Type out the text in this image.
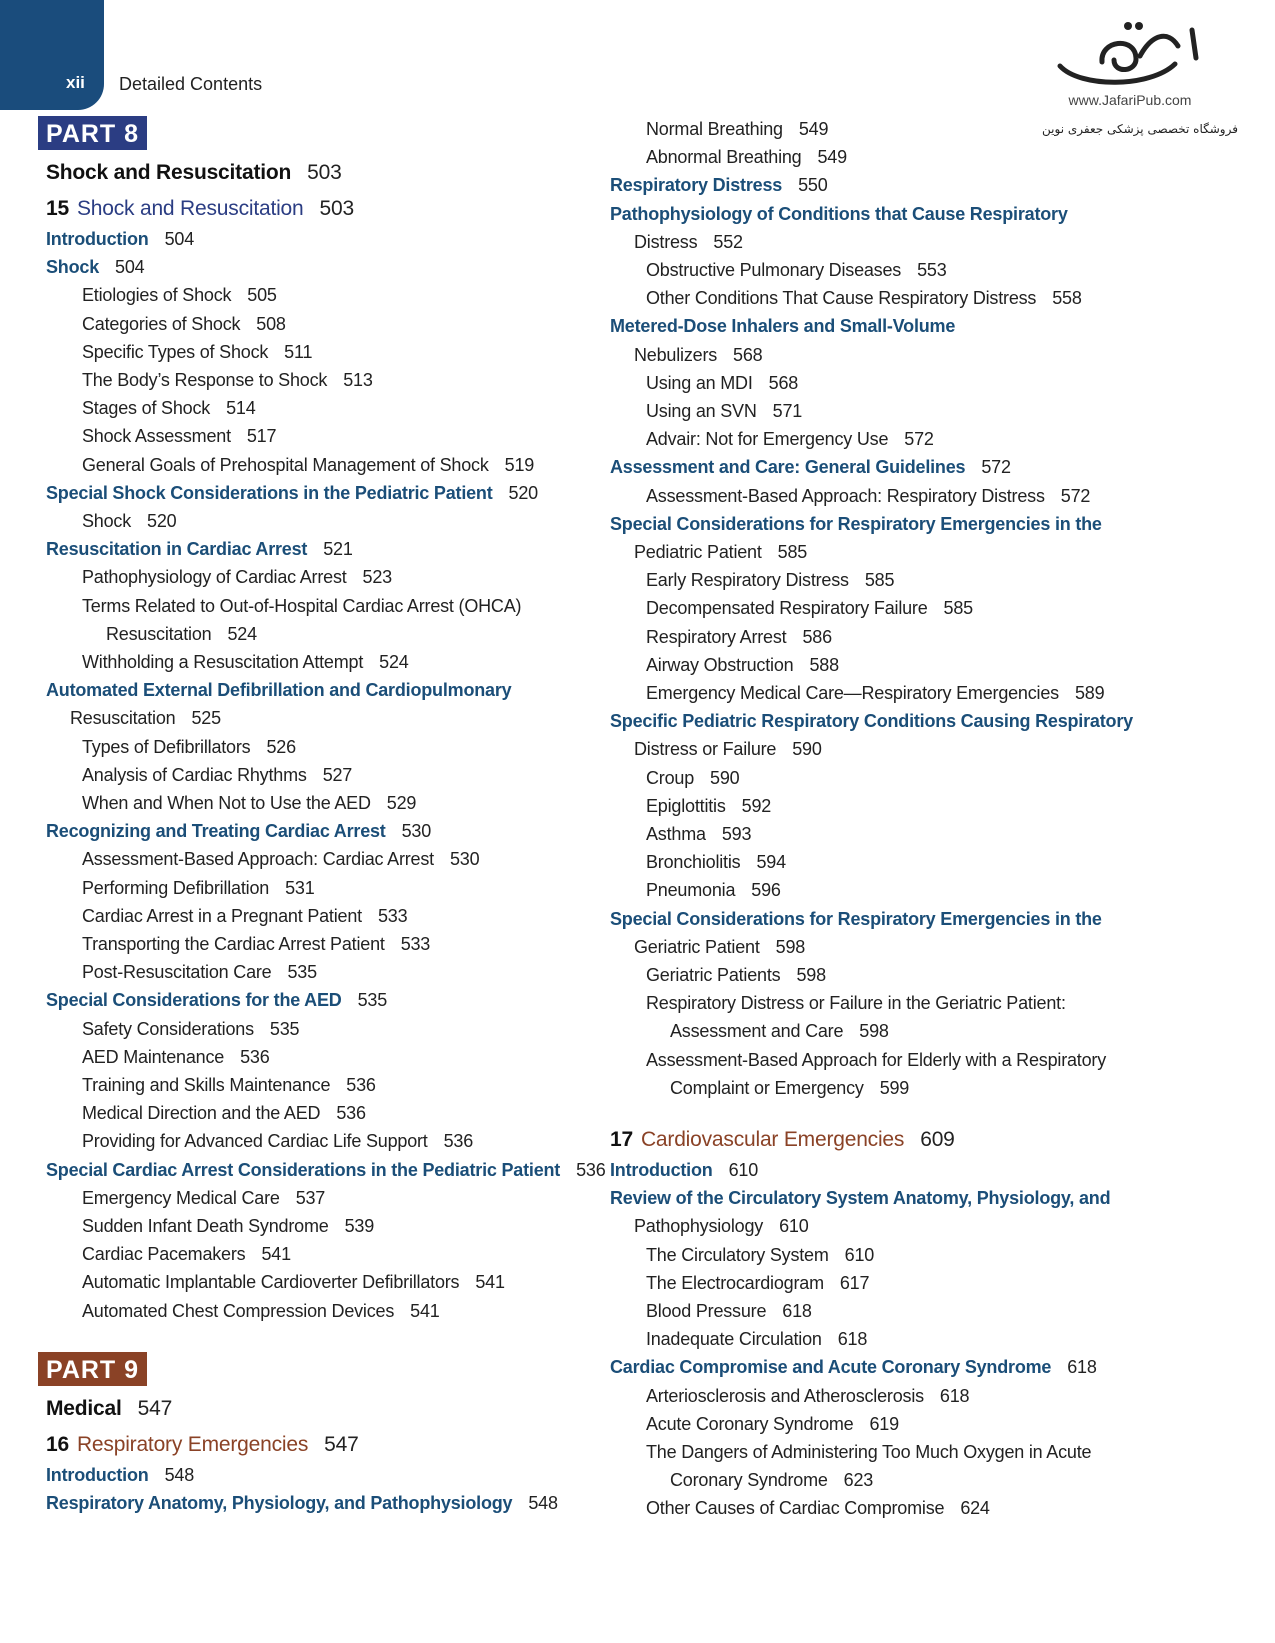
xii Detailed Contents
www.JafariPub.com
فروشگاه تخصصی پزشکی جعفری نوین
PART 8
Shock and Resuscitation 503
15 Shock and Resuscitation 503
Introduction 504
Shock 504
Etiologies of Shock 505
Categories of Shock 508
Specific Types of Shock 511
The Body’s Response to Shock 513
Stages of Shock 514
Shock Assessment 517
General Goals of Prehospital Management of Shock 519
Special Shock Considerations in the Pediatric Patient 520
Shock 520
Resuscitation in Cardiac Arrest 521
Pathophysiology of Cardiac Arrest 523
Terms Related to Out-of-Hospital Cardiac Arrest (OHCA)
Resuscitation 524
Withholding a Resuscitation Attempt 524
Automated External Defibrillation and Cardiopulmonary
Resuscitation 525
Types of Defibrillators 526
Analysis of Cardiac Rhythms 527
When and When Not to Use the AED 529
Recognizing and Treating Cardiac Arrest 530
Assessment-Based Approach: Cardiac Arrest 530
Performing Defibrillation 531
Cardiac Arrest in a Pregnant Patient 533
Transporting the Cardiac Arrest Patient 533
Post-Resuscitation Care 535
Special Considerations for the AED 535
Safety Considerations 535
AED Maintenance 536
Training and Skills Maintenance 536
Medical Direction and the AED 536
Providing for Advanced Cardiac Life Support 536
Special Cardiac Arrest Considerations in the Pediatric Patient 536
Emergency Medical Care 537
Sudden Infant Death Syndrome 539
Cardiac Pacemakers 541
Automatic Implantable Cardioverter Defibrillators 541
Automated Chest Compression Devices 541
PART 9
Medical 547
16 Respiratory Emergencies 547
Introduction 548
Respiratory Anatomy, Physiology, and Pathophysiology 548
Normal Breathing 549
Abnormal Breathing 549
Respiratory Distress 550
Pathophysiology of Conditions that Cause Respiratory
Distress 552
Obstructive Pulmonary Diseases 553
Other Conditions That Cause Respiratory Distress 558
Metered-Dose Inhalers and Small-Volume
Nebulizers 568
Using an MDI 568
Using an SVN 571
Advair: Not for Emergency Use 572
Assessment and Care: General Guidelines 572
Assessment-Based Approach: Respiratory Distress 572
Special Considerations for Respiratory Emergencies in the
Pediatric Patient 585
Early Respiratory Distress 585
Decompensated Respiratory Failure 585
Respiratory Arrest 586
Airway Obstruction 588
Emergency Medical Care—Respiratory Emergencies 589
Specific Pediatric Respiratory Conditions Causing Respiratory
Distress or Failure 590
Croup 590
Epiglottitis 592
Asthma 593
Bronchiolitis 594
Pneumonia 596
Special Considerations for Respiratory Emergencies in the
Geriatric Patient 598
Geriatric Patients 598
Respiratory Distress or Failure in the Geriatric Patient:
Assessment and Care 598
Assessment-Based Approach for Elderly with a Respiratory
Complaint or Emergency 599
17 Cardiovascular Emergencies 609
Introduction 610
Review of the Circulatory System Anatomy, Physiology, and
Pathophysiology 610
The Circulatory System 610
The Electrocardiogram 617
Blood Pressure 618
Inadequate Circulation 618
Cardiac Compromise and Acute Coronary Syndrome 618
Arteriosclerosis and Atherosclerosis 618
Acute Coronary Syndrome 619
The Dangers of Administering Too Much Oxygen in Acute
Coronary Syndrome 623
Other Causes of Cardiac Compromise 624
